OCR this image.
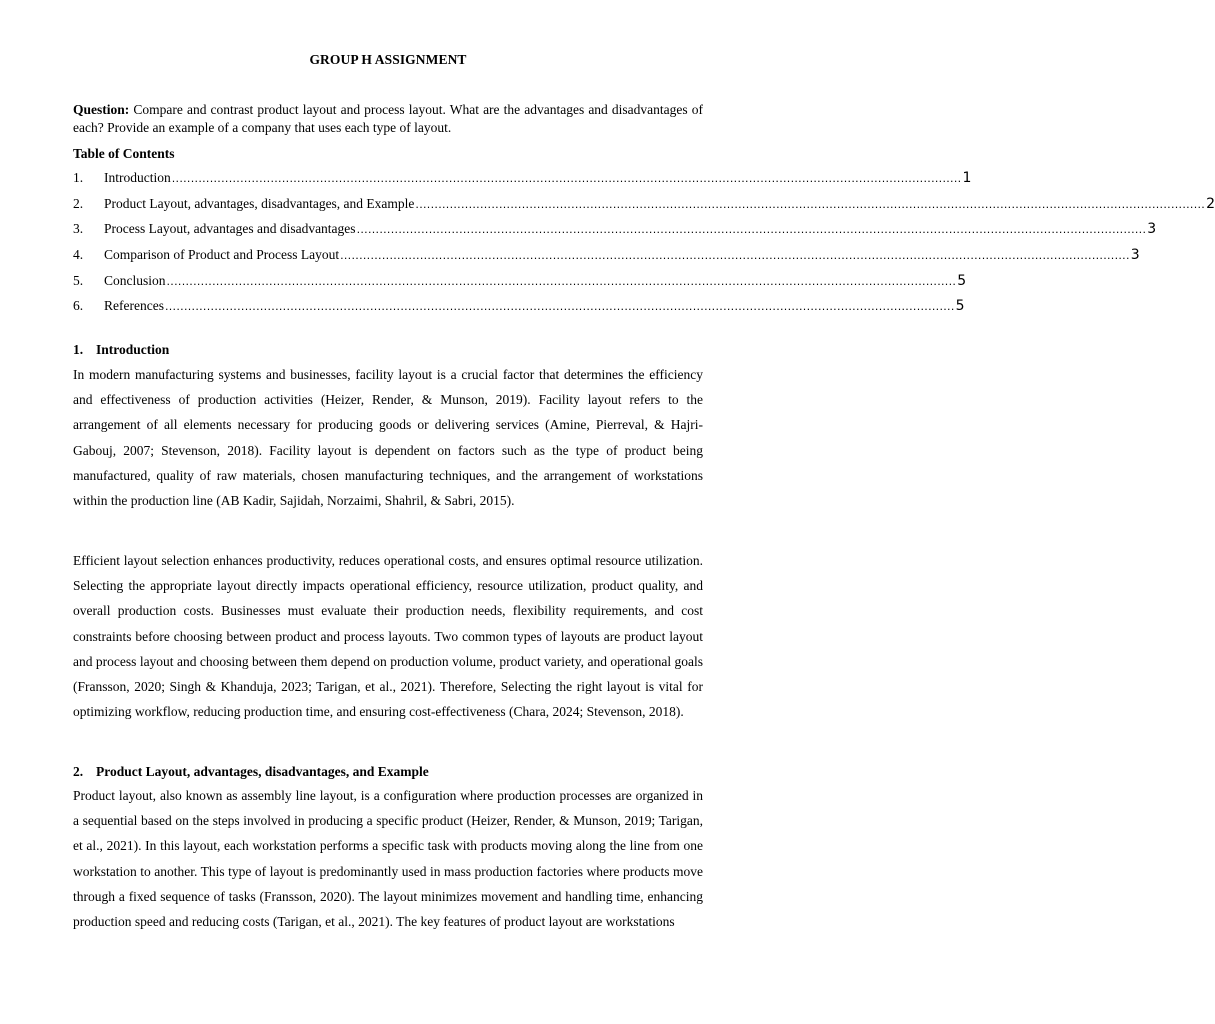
GROUP H ASSIGNMENT
Question: Compare and contrast product layout and process layout. What are the advantages and disadvantages of each? Provide an example of a company that uses each type of layout.
Table of Contents
1.	Introduction ................................................................................................................................................................................................................ 1
2.	Product Layout, advantages, disadvantages, and Example ................................................................................................................................................................................................................ 2
3.	Process Layout, advantages and disadvantages ................................................................................................................................................................................................................ 3
4.	Comparison of Product and Process Layout ................................................................................................................................................................................................................ 3
5.	Conclusion ................................................................................................................................................................................................................ 5
6.	References ................................................................................................................................................................................................................ 5
1. Introduction

In modern manufacturing systems and businesses, facility layout is a crucial factor that determines the efficiency and effectiveness of production activities (Heizer, Render, & Munson, 2019). Facility layout refers to the arrangement of all elements necessary for producing goods or delivering services (Amine, Pierreval, & Hajri-Gabouj, 2007; Stevenson, 2018). Facility layout is dependent on factors such as the type of product being manufactured, quality of raw materials, chosen manufacturing techniques, and the arrangement of workstations within the production line (AB Kadir, Sajidah, Norzaimi, Shahril, & Sabri, 2015).

Efficient layout selection enhances productivity, reduces operational costs, and ensures optimal resource utilization. Selecting the appropriate layout directly impacts operational efficiency, resource utilization, product quality, and overall production costs. Businesses must evaluate their production needs, flexibility requirements, and cost constraints before choosing between product and process layouts. Two common types of layouts are product layout and process layout and choosing between them depend on production volume, product variety, and operational goals (Fransson, 2020; Singh & Khanduja, 2023; Tarigan, et al., 2021). Therefore, Selecting the right layout is vital for optimizing workflow, reducing production time, and ensuring cost-effectiveness (Chara, 2024; Stevenson, 2018).

2. Product Layout, advantages, disadvantages, and Example

Product layout, also known as assembly line layout, is a configuration where production processes are organized in a sequential based on the steps involved in producing a specific product (Heizer, Render, & Munson, 2019; Tarigan, et al., 2021). In this layout, each workstation performs a specific task with products moving along the line from one workstation to another. This type of layout is predominantly used in mass production factories where products move through a fixed sequence of tasks (Fransson, 2020). The layout minimizes movement and handling time, enhancing production speed and reducing costs (Tarigan, et al., 2021). The key features of product layout are workstations
